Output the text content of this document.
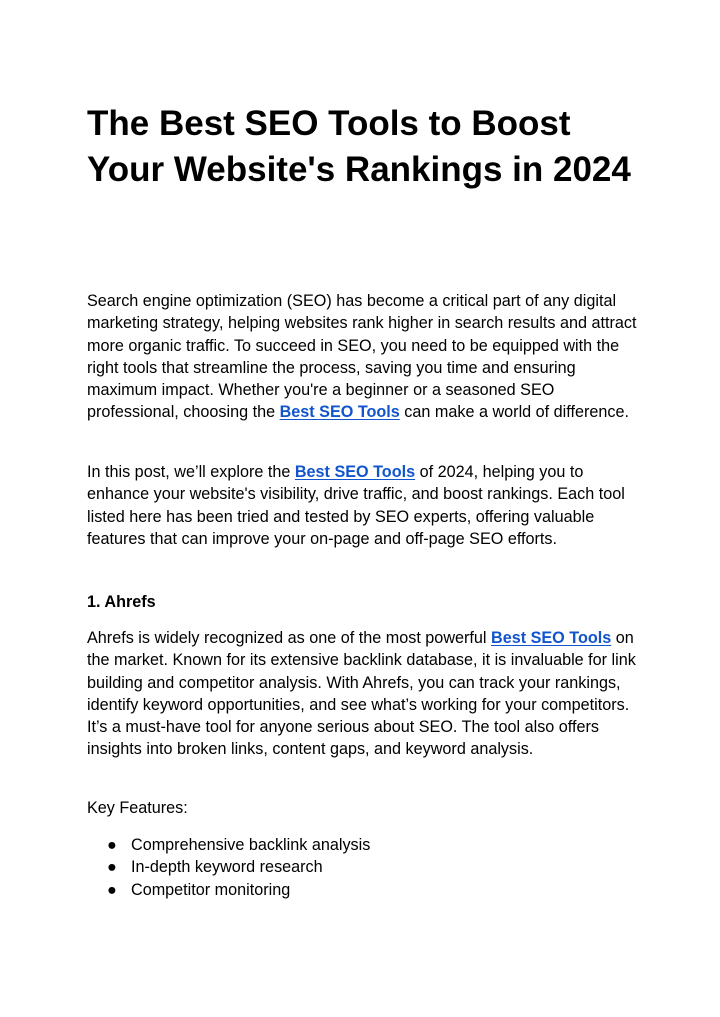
The Best SEO Tools to Boost Your Website's Rankings in 2024

Search engine optimization (SEO) has become a critical part of any digital marketing strategy, helping websites rank higher in search results and attract more organic traffic. To succeed in SEO, you need to be equipped with the right tools that streamline the process, saving you time and ensuring maximum impact. Whether you're a beginner or a seasoned SEO professional, choosing the Best SEO Tools can make a world of difference.

In this post, we’ll explore the Best SEO Tools of 2024, helping you to enhance your website's visibility, drive traffic, and boost rankings. Each tool listed here has been tried and tested by SEO experts, offering valuable features that can improve your on-page and off-page SEO efforts.

1. Ahrefs

Ahrefs is widely recognized as one of the most powerful Best SEO Tools on the market. Known for its extensive backlink database, it is invaluable for link building and competitor analysis. With Ahrefs, you can track your rankings, identify keyword opportunities, and see what’s working for your competitors. It’s a must-have tool for anyone serious about SEO. The tool also offers insights into broken links, content gaps, and keyword analysis.

Key Features:

● Comprehensive backlink analysis
● In-depth keyword research
● Competitor monitoring
